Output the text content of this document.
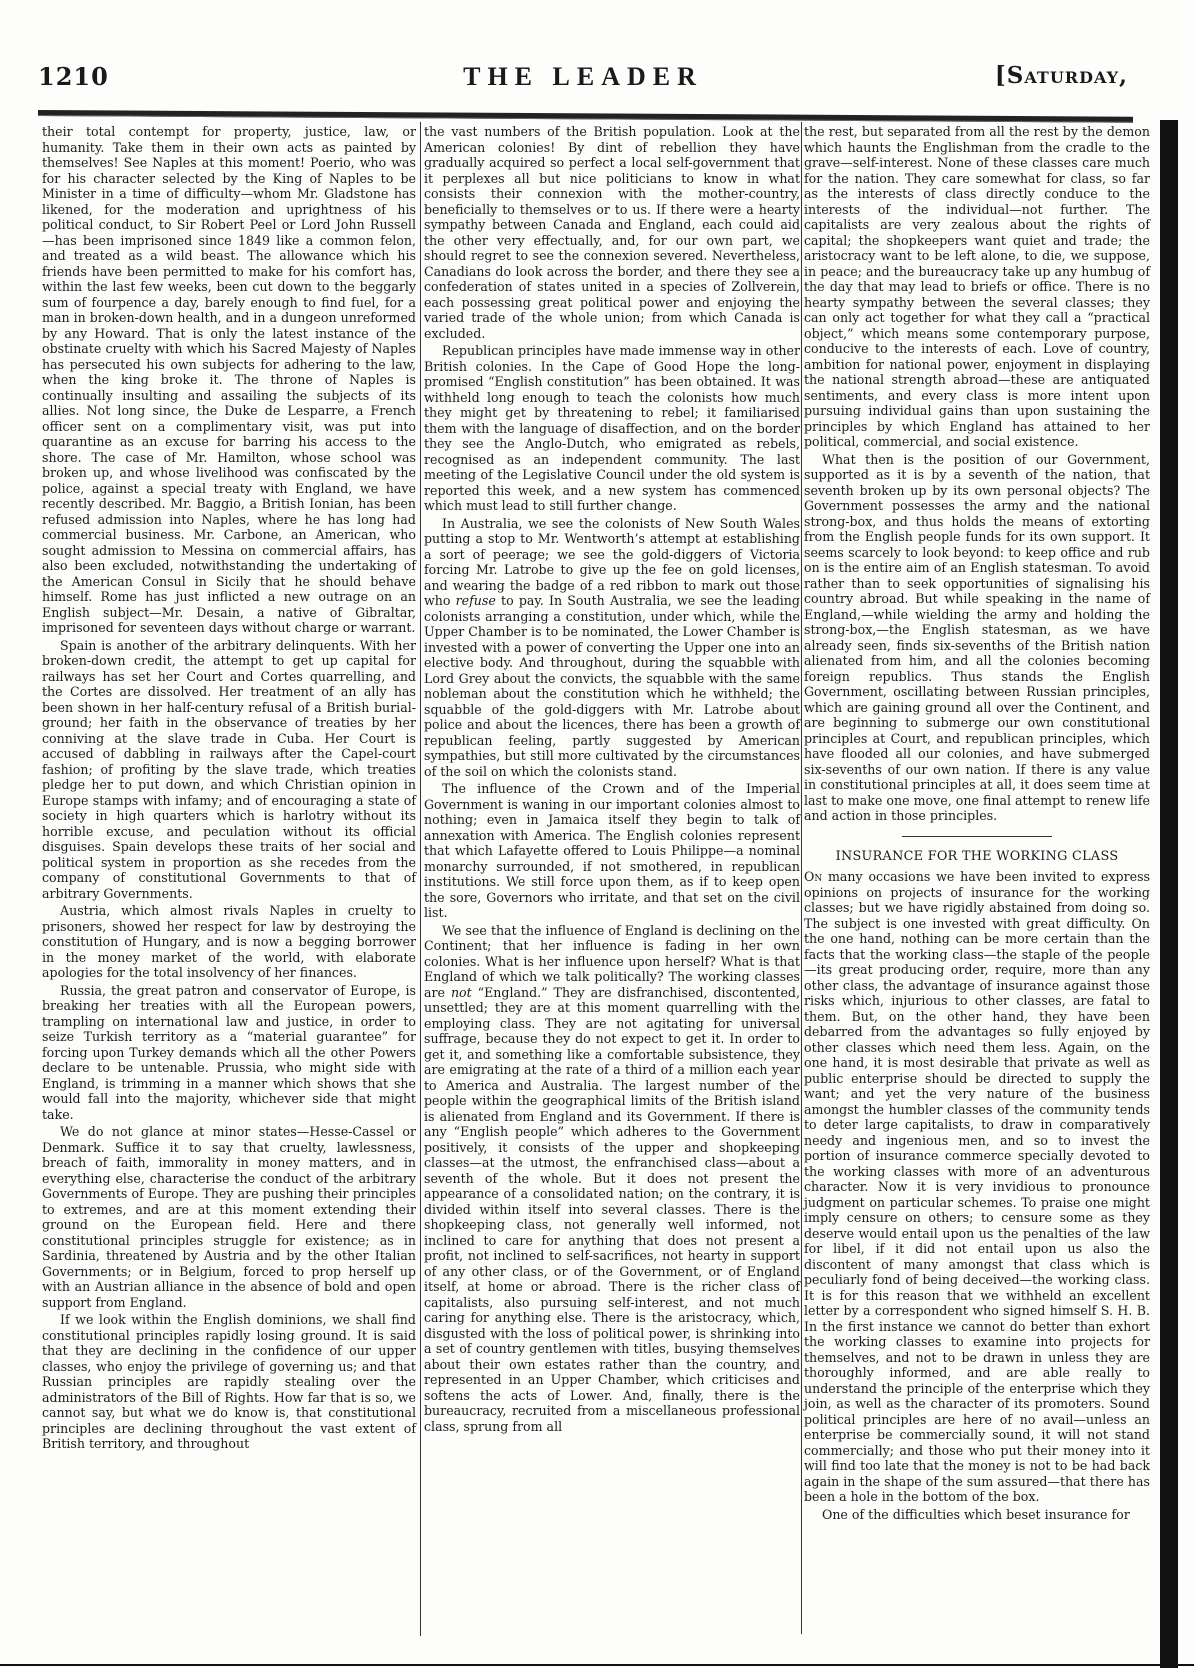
1210	THE LEADER	[Saturday,

their total contempt for property, justice, law, or humanity. Take them in their own acts as painted by themselves! See Naples at this moment! Poerio, who was for his character selected by the King of Naples to be Minister in a time of difficulty—whom Mr. Gladstone has likened, for the moderation and uprightness of his political conduct, to Sir Robert Peel or Lord John Russell—has been imprisoned since 1849 like a common felon, and treated as a wild beast. The allowance which his friends have been permitted to make for his comfort has, within the last few weeks, been cut down to the beggarly sum of fourpence a day, barely enough to find fuel, for a man in broken-down health, and in a dungeon unreformed by any Howard. That is only the latest instance of the obstinate cruelty with which his Sacred Majesty of Naples has persecuted his own subjects for adhering to the law, when the king broke it. The throne of Naples is continually insulting and assailing the subjects of its allies. Not long since, the Duke de Lesparre, a French officer sent on a complimentary visit, was put into quarantine as an excuse for barring his access to the shore. The case of Mr. Hamilton, whose school was broken up, and whose livelihood was confiscated by the police, against a special treaty with England, we have recently described. Mr. Baggio, a British Ionian, has been refused admission into Naples, where he has long had commercial business. Mr. Carbone, an American, who sought admission to Messina on commercial affairs, has also been excluded, notwithstanding the undertaking of the American Consul in Sicily that he should behave himself. Rome has just inflicted a new outrage on an English subject—Mr. Desain, a native of Gibraltar, imprisoned for seventeen days without charge or warrant.

Spain is another of the arbitrary delinquents. With her broken-down credit, the attempt to get up capital for railways has set her Court and Cortes quarrelling, and the Cortes are dissolved. Her treatment of an ally has been shown in her half-century refusal of a British burial-ground; her faith in the observance of treaties by her conniving at the slave trade in Cuba. Her Court is accused of dabbling in railways after the Capel-court fashion; of profiting by the slave trade, which treaties pledge her to put down, and which Christian opinion in Europe stamps with infamy; and of encouraging a state of society in high quarters which is harlotry without its horrible excuse, and peculation without its official disguises. Spain develops these traits of her social and political system in proportion as she recedes from the company of constitutional Governments to that of arbitrary Governments.

Austria, which almost rivals Naples in cruelty to prisoners, showed her respect for law by destroying the constitution of Hungary, and is now a begging borrower in the money market of the world, with elaborate apologies for the total insolvency of her finances.

Russia, the great patron and conservator of Europe, is breaking her treaties with all the European powers, trampling on international law and justice, in order to seize Turkish territory as a “material guarantee” for forcing upon Turkey demands which all the other Powers declare to be untenable. Prussia, who might side with England, is trimming in a manner which shows that she would fall into the majority, whichever side that might take.

We do not glance at minor states—Hesse-Cassel or Denmark. Suffice it to say that cruelty, lawlessness, breach of faith, immorality in money matters, and in everything else, characterise the conduct of the arbitrary Governments of Europe. They are pushing their principles to extremes, and are at this moment extending their ground on the European field. Here and there constitutional principles struggle for existence; as in Sardinia, threatened by Austria and by the other Italian Governments; or in Belgium, forced to prop herself up with an Austrian alliance in the absence of bold and open support from England.

If we look within the English dominions, we shall find constitutional principles rapidly losing ground. It is said that they are declining in the confidence of our upper classes, who enjoy the privilege of governing us; and that Russian principles are rapidly stealing over the administrators of the Bill of Rights. How far that is so, we cannot say, but what we do know is, that constitutional principles are declining throughout the vast extent of British territory, and throughout

the vast numbers of the British population. Look at the American colonies! By dint of rebellion they have gradually acquired so perfect a local self-government that it perplexes all but nice politicians to know in what consists their connexion with the mother-country, beneficially to themselves or to us. If there were a hearty sympathy between Canada and England, each could aid the other very effectually, and, for our own part, we should regret to see the connexion severed. Nevertheless, Canadians do look across the border, and there they see a confederation of states united in a species of Zollverein, each possessing great political power and enjoying the varied trade of the whole union; from which Canada is excluded.

Republican principles have made immense way in other British colonies. In the Cape of Good Hope the long-promised “English constitution” has been obtained. It was withheld long enough to teach the colonists how much they might get by threatening to rebel; it familiarised them with the language of disaffection, and on the border they see the Anglo-Dutch, who emigrated as rebels, recognised as an independent community. The last meeting of the Legislative Council under the old system is reported this week, and a new system has commenced which must lead to still further change.

In Australia, we see the colonists of New South Wales putting a stop to Mr. Wentworth’s attempt at establishing a sort of peerage; we see the gold-diggers of Victoria forcing Mr. Latrobe to give up the fee on gold licenses, and wearing the badge of a red ribbon to mark out those who refuse to pay. In South Australia, we see the leading colonists arranging a constitution, under which, while the Upper Chamber is to be nominated, the Lower Chamber is invested with a power of converting the Upper one into an elective body. And throughout, during the squabble with Lord Grey about the convicts, the squabble with the same nobleman about the constitution which he withheld; the squabble of the gold-diggers with Mr. Latrobe about police and about the licences, there has been a growth of republican feeling, partly suggested by American sympathies, but still more cultivated by the circumstances of the soil on which the colonists stand.

The influence of the Crown and of the Imperial Government is waning in our important colonies almost to nothing; even in Jamaica itself they begin to talk of annexation with America. The English colonies represent that which Lafayette offered to Louis Philippe—a nominal monarchy surrounded, if not smothered, in republican institutions. We still force upon them, as if to keep open the sore, Governors who irritate, and that set on the civil list.

We see that the influence of England is declining on the Continent; that her influence is fading in her own colonies. What is her influence upon herself? What is that England of which we talk politically? The working classes are not “England.” They are disfranchised, discontented, unsettled; they are at this moment quarrelling with the employing class. They are not agitating for universal suffrage, because they do not expect to get it. In order to get it, and something like a comfortable subsistence, they are emigrating at the rate of a third of a million each year to America and Australia. The largest number of the people within the geographical limits of the British island is alienated from England and its Government. If there is any “English people” which adheres to the Government positively, it consists of the upper and shopkeeping classes—at the utmost, the enfranchised class—about a seventh of the whole. But it does not present the appearance of a consolidated nation; on the contrary, it is divided within itself into several classes. There is the shopkeeping class, not generally well informed, not inclined to care for anything that does not present a profit, not inclined to self-sacrifices, not hearty in support of any other class, or of the Government, or of England itself, at home or abroad. There is the richer class of capitalists, also pursuing self-interest, and not much caring for anything else. There is the aristocracy, which, disgusted with the loss of political power, is shrinking into a set of country gentlemen with titles, busying themselves about their own estates rather than the country, and represented in an Upper Chamber, which criticises and softens the acts of Lower. And, finally, there is the bureaucracy, recruited from a miscellaneous professional class, sprung from all

the rest, but separated from all the rest by the demon which haunts the Englishman from the cradle to the grave—self-interest. None of these classes care much for the nation. They care somewhat for class, so far as the interests of class directly conduce to the interests of the individual—not further. The capitalists are very zealous about the rights of capital; the shopkeepers want quiet and trade; the aristocracy want to be left alone, to die, we suppose, in peace; and the bureaucracy take up any humbug of the day that may lead to briefs or office. There is no hearty sympathy between the several classes; they can only act together for what they call a “practical object,” which means some contemporary purpose, conducive to the interests of each. Love of country, ambition for national power, enjoyment in displaying the national strength abroad—these are antiquated sentiments, and every class is more intent upon pursuing individual gains than upon sustaining the principles by which England has attained to her political, commercial, and social existence.

What then is the position of our Government, supported as it is by a seventh of the nation, that seventh broken up by its own personal objects? The Government possesses the army and the national strong-box, and thus holds the means of extorting from the English people funds for its own support. It seems scarcely to look beyond: to keep office and rub on is the entire aim of an English statesman. To avoid rather than to seek opportunities of signalising his country abroad. But while speaking in the name of England,—while wielding the army and holding the strong-box,—the English statesman, as we have already seen, finds six-sevenths of the British nation alienated from him, and all the colonies becoming foreign republics. Thus stands the English Government, oscillating between Russian principles, which are gaining ground all over the Continent, and are beginning to submerge our own constitutional principles at Court, and republican principles, which have flooded all our colonies, and have submerged six-sevenths of our own nation. If there is any value in constitutional principles at all, it does seem time at last to make one move, one final attempt to renew life and action in those principles.

INSURANCE FOR THE WORKING CLASS

On many occasions we have been invited to express opinions on projects of insurance for the working classes; but we have rigidly abstained from doing so. The subject is one invested with great difficulty. On the one hand, nothing can be more certain than the facts that the working class—the staple of the people—its great producing order, require, more than any other class, the advantage of insurance against those risks which, injurious to other classes, are fatal to them. But, on the other hand, they have been debarred from the advantages so fully enjoyed by other classes which need them less. Again, on the one hand, it is most desirable that private as well as public enterprise should be directed to supply the want; and yet the very nature of the business amongst the humbler classes of the community tends to deter large capitalists, to draw in comparatively needy and ingenious men, and so to invest the portion of insurance commerce specially devoted to the working classes with more of an adventurous character. Now it is very invidious to pronounce judgment on particular schemes. To praise one might imply censure on others; to censure some as they deserve would entail upon us the penalties of the law for libel, if it did not entail upon us also the discontent of many amongst that class which is peculiarly fond of being deceived—the working class. It is for this reason that we withheld an excellent letter by a correspondent who signed himself S. H. B. In the first instance we cannot do better than exhort the working classes to examine into projects for themselves, and not to be drawn in unless they are thoroughly informed, and are able really to understand the principle of the enterprise which they join, as well as the character of its promoters. Sound political principles are here of no avail—unless an enterprise be commercially sound, it will not stand commercially; and those who put their money into it will find too late that the money is not to be had back again in the shape of the sum assured—that there has been a hole in the bottom of the box.

One of the difficulties which beset insurance for
